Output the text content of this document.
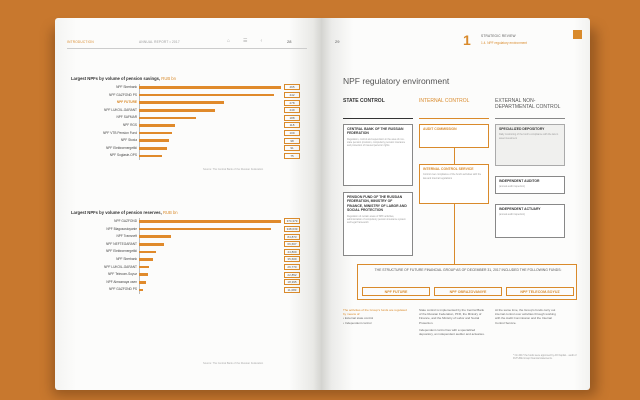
INTRODUCTION	ANNUAL REPORT • 2017	⌂	☰	‹	28
Largest NPFs by volume of pension savings, RUB bn
NPF Sberbank	465
NPF GAZFOND PS	442
NPF FUTURE	278
NPF LUKOIL-GARANT	249
NPF SAFMAR	188
NPF RGS	118
NPF VTB Pension Fund	109
NPF Stoxia	98
NPF Elektroenergetiki	91
NPF Soglasie-OPS	75
Source: The Central Bank of the Russian Federation
Largest NPFs by volume of pension reserves, RUB bn
NPF GAZFOND	374,379
NPF Blagosostoyanie	348,639
NPF Transneft	84,873
NPF NEFTEGARANT	66,667
NPF Elektroenergetiki	44,809
NPF Sberbank	35,609
NPF LUKOIL-GARANT	26,770
NPF Telecom-Soyuz	22,852
NPF Almaznaya osen	18,395
NPF GAZFOND PS	11,083
Source: The Central Bank of the Russian Federation
29	1	STRATEGIC REVIEW
1.4. NPF regulatory environment
NPF regulatory environment
STATE CONTROL	INTERNAL CONTROL	EXTERNAL NON-DEPARTMENTAL CONTROL
CENTRAL BANK OF THE RUSSIAN FEDERATION
Regulation, control and supervision in the area of non-state pension provision, compulsory pension insurance and protection of insured persons' rights
PENSION FUND OF THE RUSSIAN FEDERATION, MINISTRY OF FINANCE, MINISTRY OF LABOR AND SOCIAL PROTECTION
Regulation of certain areas of NPF activities, administration of compulsory pension insurance system and legal framework
AUDIT COMMISSION
INTERNAL CONTROL SERVICE
Control over compliance of the fund's activities with the law and internal regulations
SPECIALIZED DEPOSITORY
Daily monitoring of the fund's compliance with the law in asset investment
INDEPENDENT AUDITOR
(annual audit inspection)
INDEPENDENT ACTUARY
(annual audit inspection)
THE STRUCTURE OF FUTURE FINANCIAL GROUP AS OF DECEMBER 31, 2017 INCLUDED THE FOLLOWING FUNDS:
NPF FUTURE	NPF OBRAZOVANIYE	NPF TELECOM-SOYUZ
The activities of the Group's funds are regulated by means of:
• External state control
• Independent control
State control is implemented by the Central Bank of the Russian Federation, PFR, the Ministry of Finance, and the Ministry of Labor and Social Protection.
Independent control lies with a specialized depository, an independent auditor and actuaries.
At the same time, the Group's funds carry out internal control over activities through working with the Audit Commission and the Internal Control Service.
* On 2017 the funds were approved by AO Kapital... audit of FUTURE Group financial statements.
